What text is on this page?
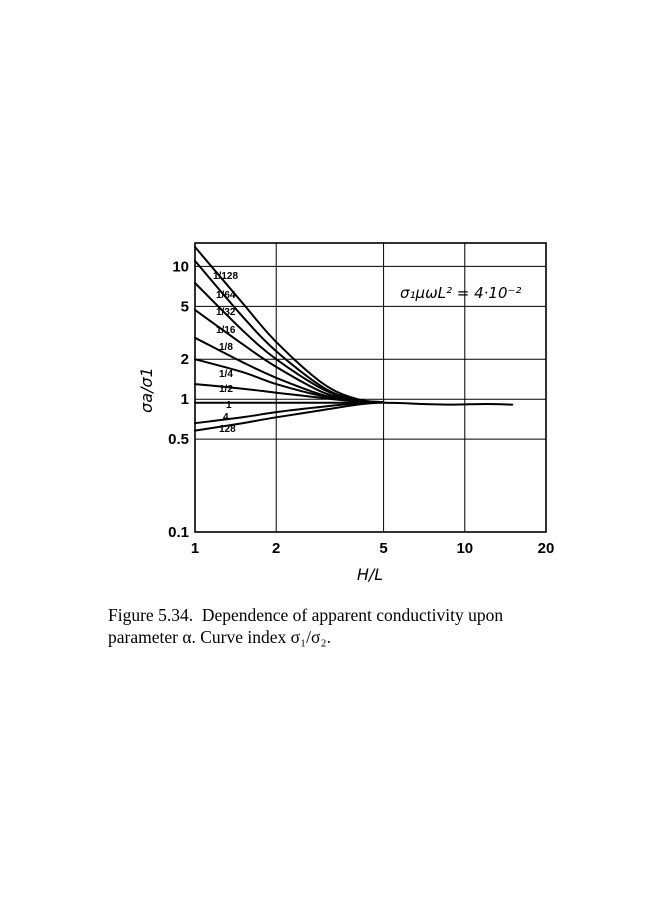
1	2	5	10	20
0.1
0.5
1
2
5
10
1/128
1/64
1/32
1/16
1/8
1/4
1/2
1
4
128
H/L
σa/σ1
σ₁μωL² = 4·10⁻²
Figure 5.34.  Dependence of apparent conductivity upon
parameter α. Curve index σ₁/σ₂.
